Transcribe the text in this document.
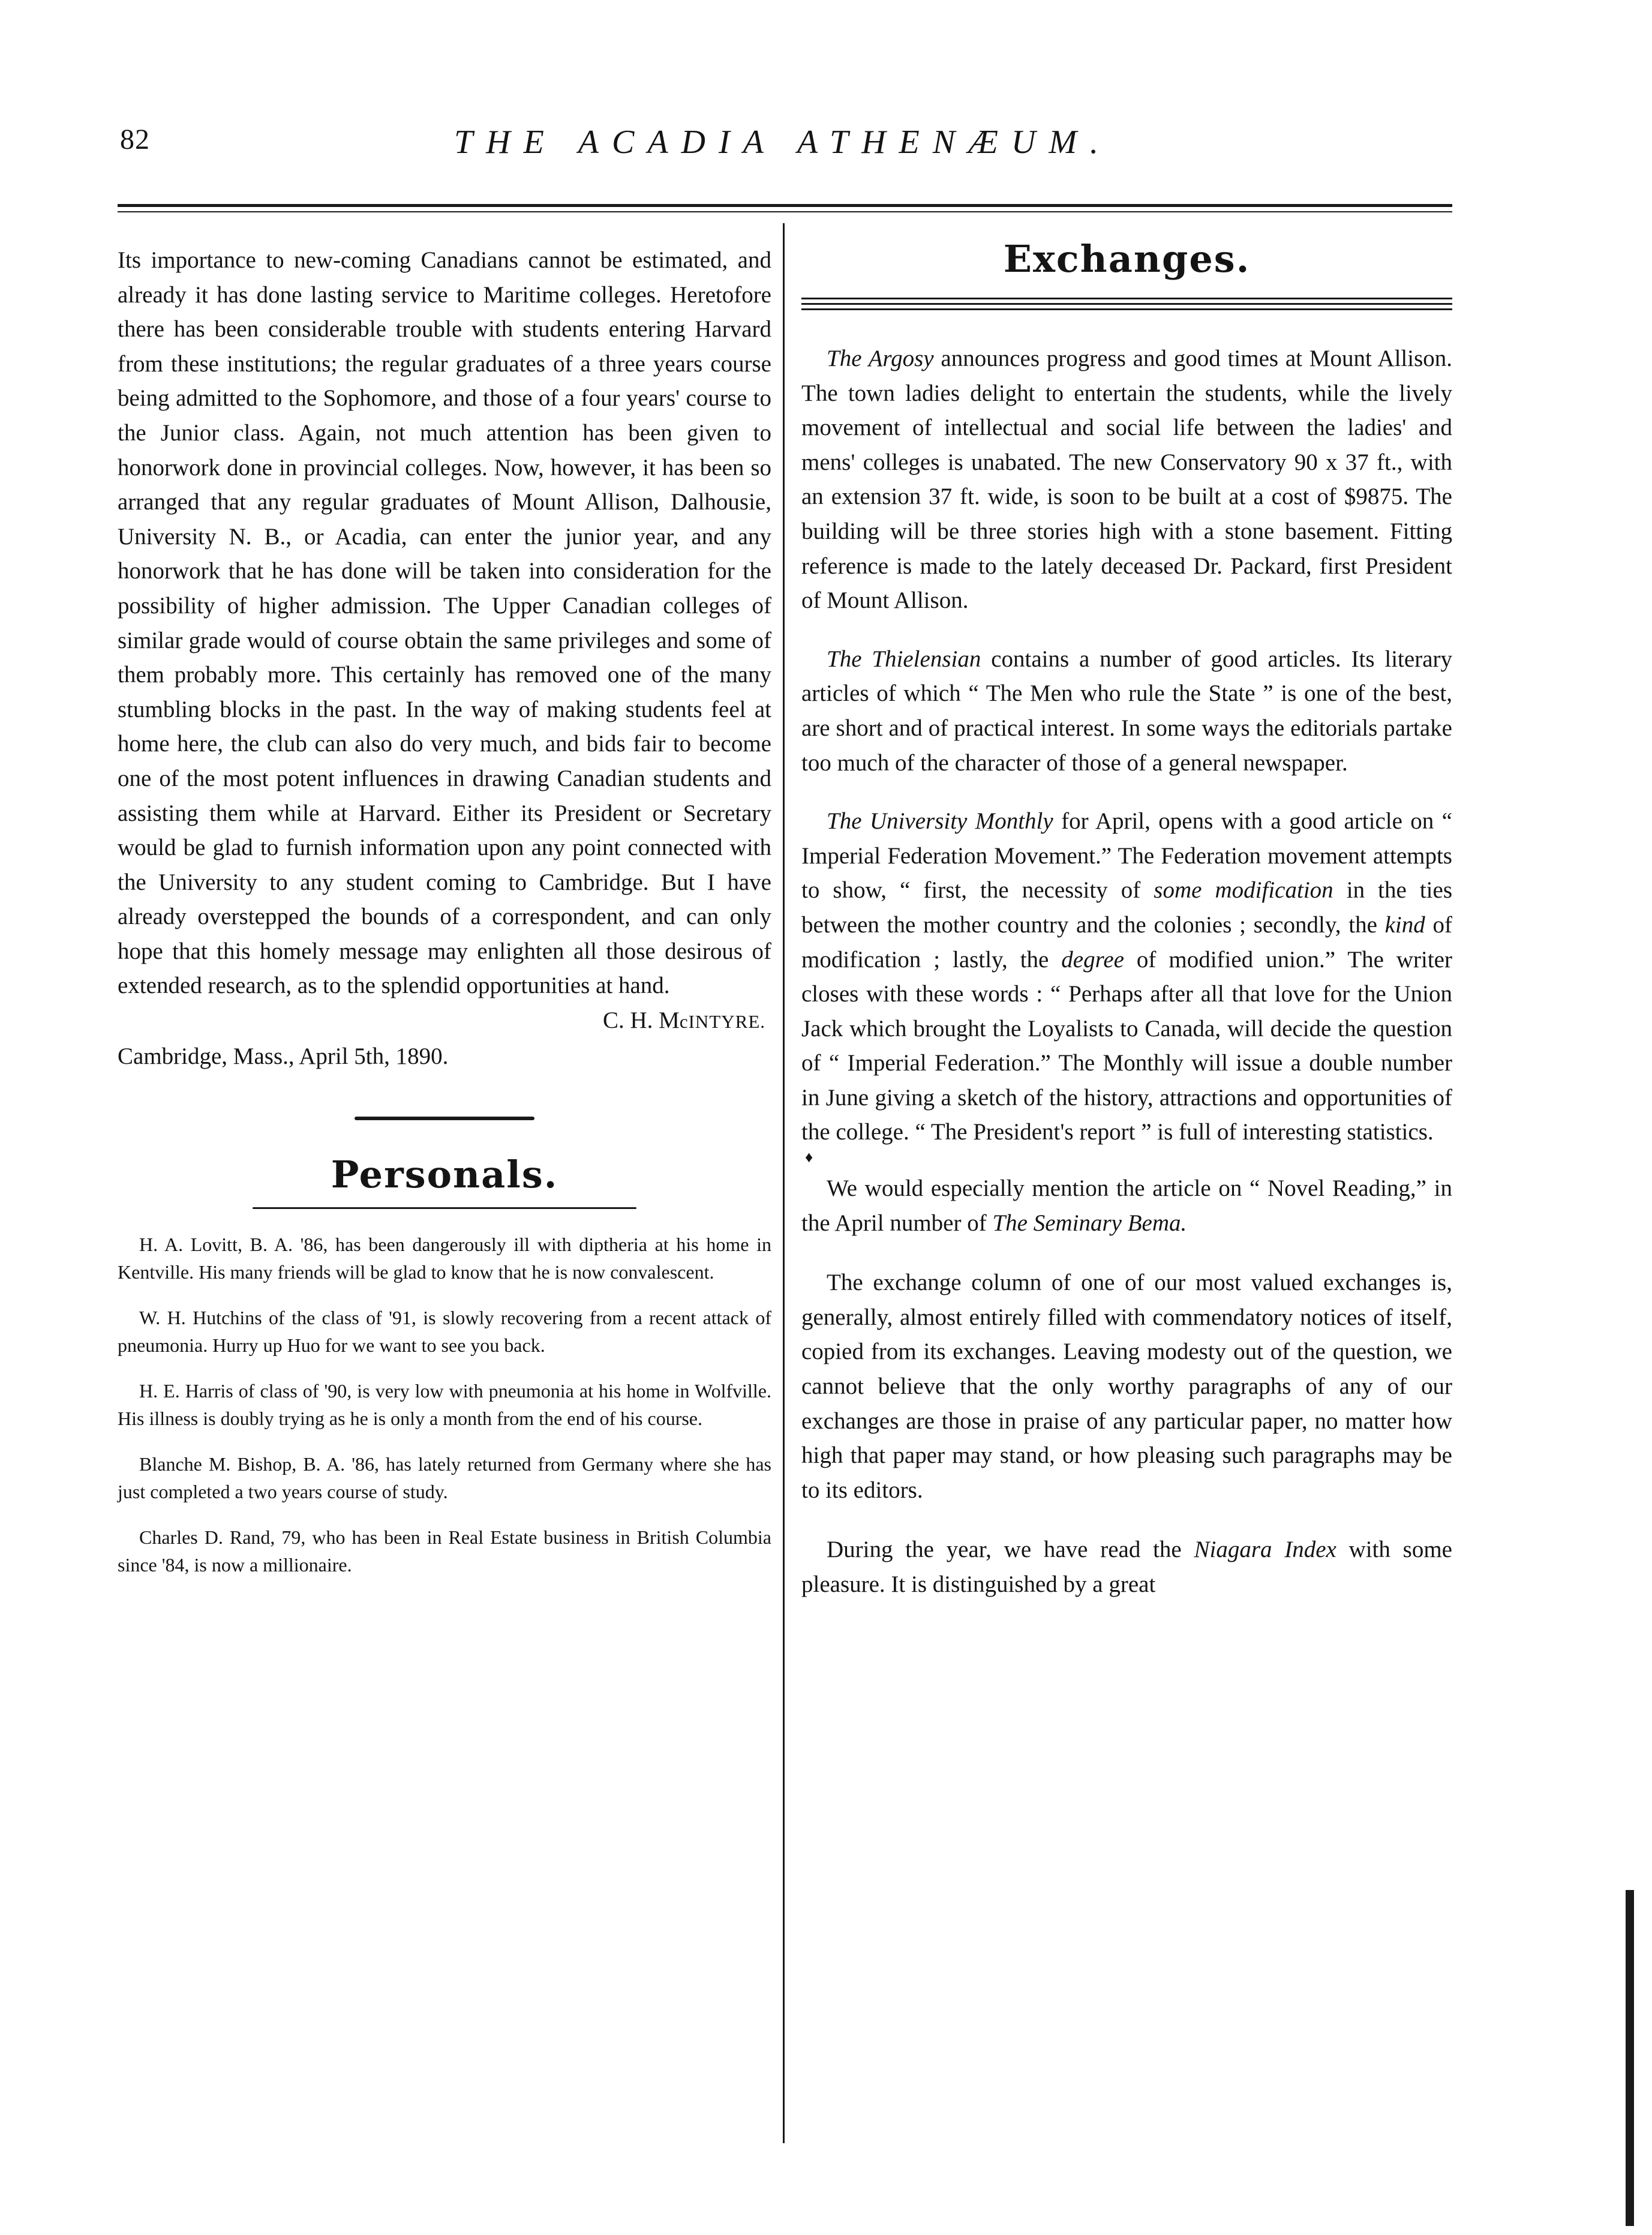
82	THE ACADIA ATHENÆUM.

Its importance to new-coming Canadians cannot be estimated, and already it has done lasting service to Maritime colleges. Heretofore there has been considerable trouble with students entering Harvard from these institutions; the regular graduates of a three years course being admitted to the Sophomore, and those of a four years' course to the Junior class. Again, not much attention has been given to honorwork done in provincial colleges. Now, however, it has been so arranged that any regular graduates of Mount Allison, Dalhousie, University N. B., or Acadia, can enter the junior year, and any honorwork that he has done will be taken into consideration for the possibility of higher admission. The Upper Canadian colleges of similar grade would of course obtain the same privileges and some of them probably more. This certainly has removed one of the many stumbling blocks in the past. In the way of making students feel at home here, the club can also do very much, and bids fair to become one of the most potent influences in drawing Canadian students and assisting them while at Harvard. Either its President or Secretary would be glad to furnish information upon any point connected with the University to any student coming to Cambridge. But I have already overstepped the bounds of a correspondent, and can only hope that this homely message may enlighten all those desirous of extended research, as to the splendid opportunities at hand.

C. H. McINTYRE.

Cambridge, Mass., April 5th, 1890.

Personals.

H. A. Lovitt, B. A. '86, has been dangerously ill with diptheria at his home in Kentville. His many friends will be glad to know that he is now convalescent.

W. H. Hutchins of the class of '91, is slowly recovering from a recent attack of pneumonia. Hurry up Huo for we want to see you back.

H. E. Harris of class of '90, is very low with pneumonia at his home in Wolfville. His illness is doubly trying as he is only a month from the end of his course.

Blanche M. Bishop, B. A. '86, has lately returned from Germany where she has just completed a two years course of study.

Charles D. Rand, 79, who has been in Real Estate business in British Columbia since '84, is now a millionaire.

Exchanges.

The Argosy announces progress and good times at Mount Allison. The town ladies delight to entertain the students, while the lively movement of intellectual and social life between the ladies' and mens' colleges is unabated. The new Conservatory 90 x 37 ft., with an extension 37 ft. wide, is soon to be built at a cost of $9875. The building will be three stories high with a stone basement. Fitting reference is made to the lately deceased Dr. Packard, first President of Mount Allison.

The Thielensian contains a number of good articles. Its literary articles of which “ The Men who rule the State ” is one of the best, are short and of practical interest. In some ways the editorials partake too much of the character of those of a general newspaper.

The University Monthly for April, opens with a good article on “ Imperial Federation Movement.” The Federation movement attempts to show, “ first, the necessity of some modification in the ties between the mother country and the colonies ; secondly, the kind of modification ; lastly, the degree of modified union.” The writer closes with these words : “ Perhaps after all that love for the Union Jack which brought the Loyalists to Canada, will decide the question of “ Imperial Federation.” The Monthly will issue a double number in June giving a sketch of the history, attractions and opportunities of the college. “ The President's report ” is full of interesting statistics.

♦

We would especially mention the article on “ Novel Reading,” in the April number of The Seminary Bema.

The exchange column of one of our most valued exchanges is, generally, almost entirely filled with commendatory notices of itself, copied from its exchanges. Leaving modesty out of the question, we cannot believe that the only worthy paragraphs of any of our exchanges are those in praise of any particular paper, no matter how high that paper may stand, or how pleasing such paragraphs may be to its editors.

During the year, we have read the Niagara Index with some pleasure. It is distinguished by a great
